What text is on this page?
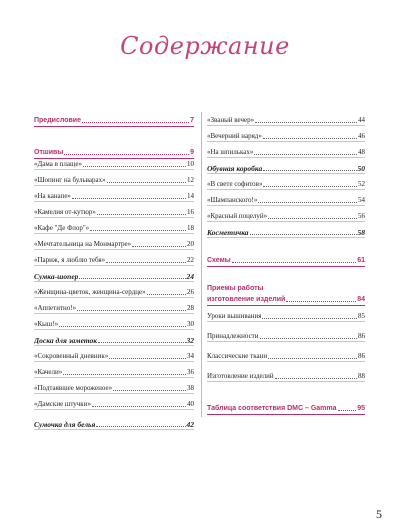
Содержание
Предисловие	7
Отшивы	9
«Дама в плаще»	10
«Шопинг на бульварах»	12
«На канапе»	14
«Камелия от-кутюр»	16
«Кафе "Де Флор"»	18
«Мечтательница на Монмартре»	20
«Париж, я люблю тебя»	22
Сумка-шопер	24
«Женщина-цветок, женщина-сердце»	26
«Аппетитно!»	28
«Кыш!»	30
Доска для заметок	32
«Сокровенный дневник»	34
«Качели»	36
«Подтаявшее мороженое»	38
«Дамские штучки»	40
Сумочка для белья	42
«Званый вечер»	44
«Вечерний наряд»	46
«На шпильках»	48
Обувная коробка	50
«В свете софитов»	52
«Шампанского!»	54
«Красный поцелуй»	56
Косметичка	58
Схемы	61
Приемы работы
изготовление изделий	84
Уроки вышивания	85
Принадлежности	86
Классические ткани	86
Изготовление изделий	88
Таблица соответствия DMC – Gamma	95
5
